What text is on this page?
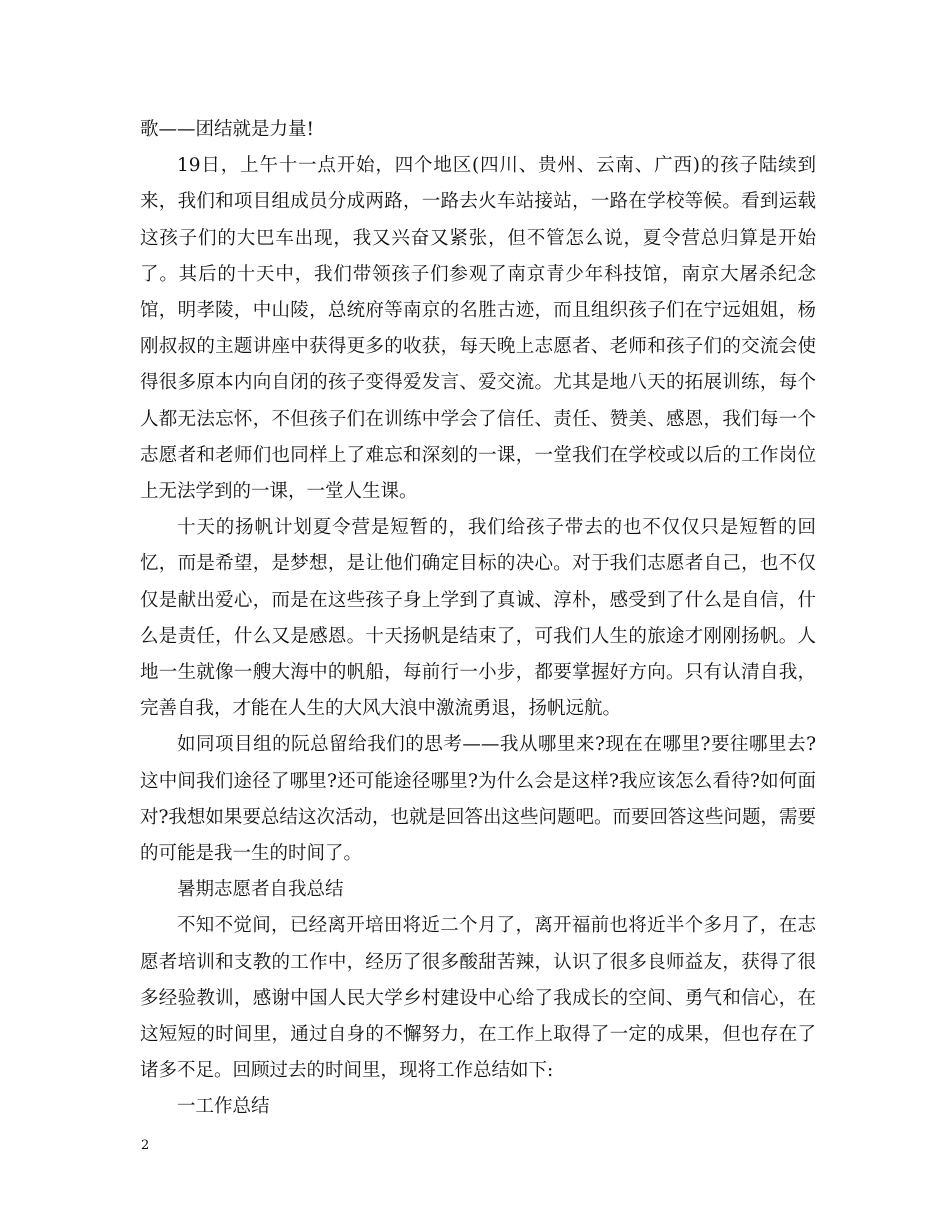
歌——团结就是力量!

19日，上午十一点开始，四个地区(四川、贵州、云南、广西)的孩子陆续到来，我们和项目组成员分成两路，一路去火车站接站，一路在学校等候。看到运载这孩子们的大巴车出现，我又兴奋又紧张，但不管怎么说，夏令营总归算是开始了。其后的十天中，我们带领孩子们参观了南京青少年科技馆，南京大屠杀纪念馆，明孝陵，中山陵，总统府等南京的名胜古迹，而且组织孩子们在宁远姐姐，杨刚叔叔的主题讲座中获得更多的收获，每天晚上志愿者、老师和孩子们的交流会使得很多原本内向自闭的孩子变得爱发言、爱交流。尤其是地八天的拓展训练，每个人都无法忘怀，不但孩子们在训练中学会了信任、责任、赞美、感恩，我们每一个志愿者和老师们也同样上了难忘和深刻的一课，一堂我们在学校或以后的工作岗位上无法学到的一课，一堂人生课。

十天的扬帆计划夏令营是短暂的，我们给孩子带去的也不仅仅只是短暂的回忆，而是希望，是梦想，是让他们确定目标的决心。对于我们志愿者自己，也不仅仅是献出爱心，而是在这些孩子身上学到了真诚、淳朴，感受到了什么是自信，什么是责任，什么又是感恩。十天扬帆是结束了，可我们人生的旅途才刚刚扬帆。人地一生就像一艘大海中的帆船，每前行一小步，都要掌握好方向。只有认清自我，完善自我，才能在人生的大风大浪中激流勇退，扬帆远航。

如同项目组的阮总留给我们的思考——我从哪里来?现在在哪里?要往哪里去?这中间我们途径了哪里?还可能途径哪里?为什么会是这样?我应该怎么看待?如何面对?我想如果要总结这次活动，也就是回答出这些问题吧。而要回答这些问题，需要的可能是我一生的时间了。

暑期志愿者自我总结

不知不觉间，已经离开培田将近二个月了，离开福前也将近半个多月了，在志愿者培训和支教的工作中，经历了很多酸甜苦辣，认识了很多良师益友，获得了很多经验教训，感谢中国人民大学乡村建设中心给了我成长的空间、勇气和信心，在这短短的时间里，通过自身的不懈努力，在工作上取得了一定的成果，但也存在了诸多不足。回顾过去的时间里，现将工作总结如下:

一工作总结

2
